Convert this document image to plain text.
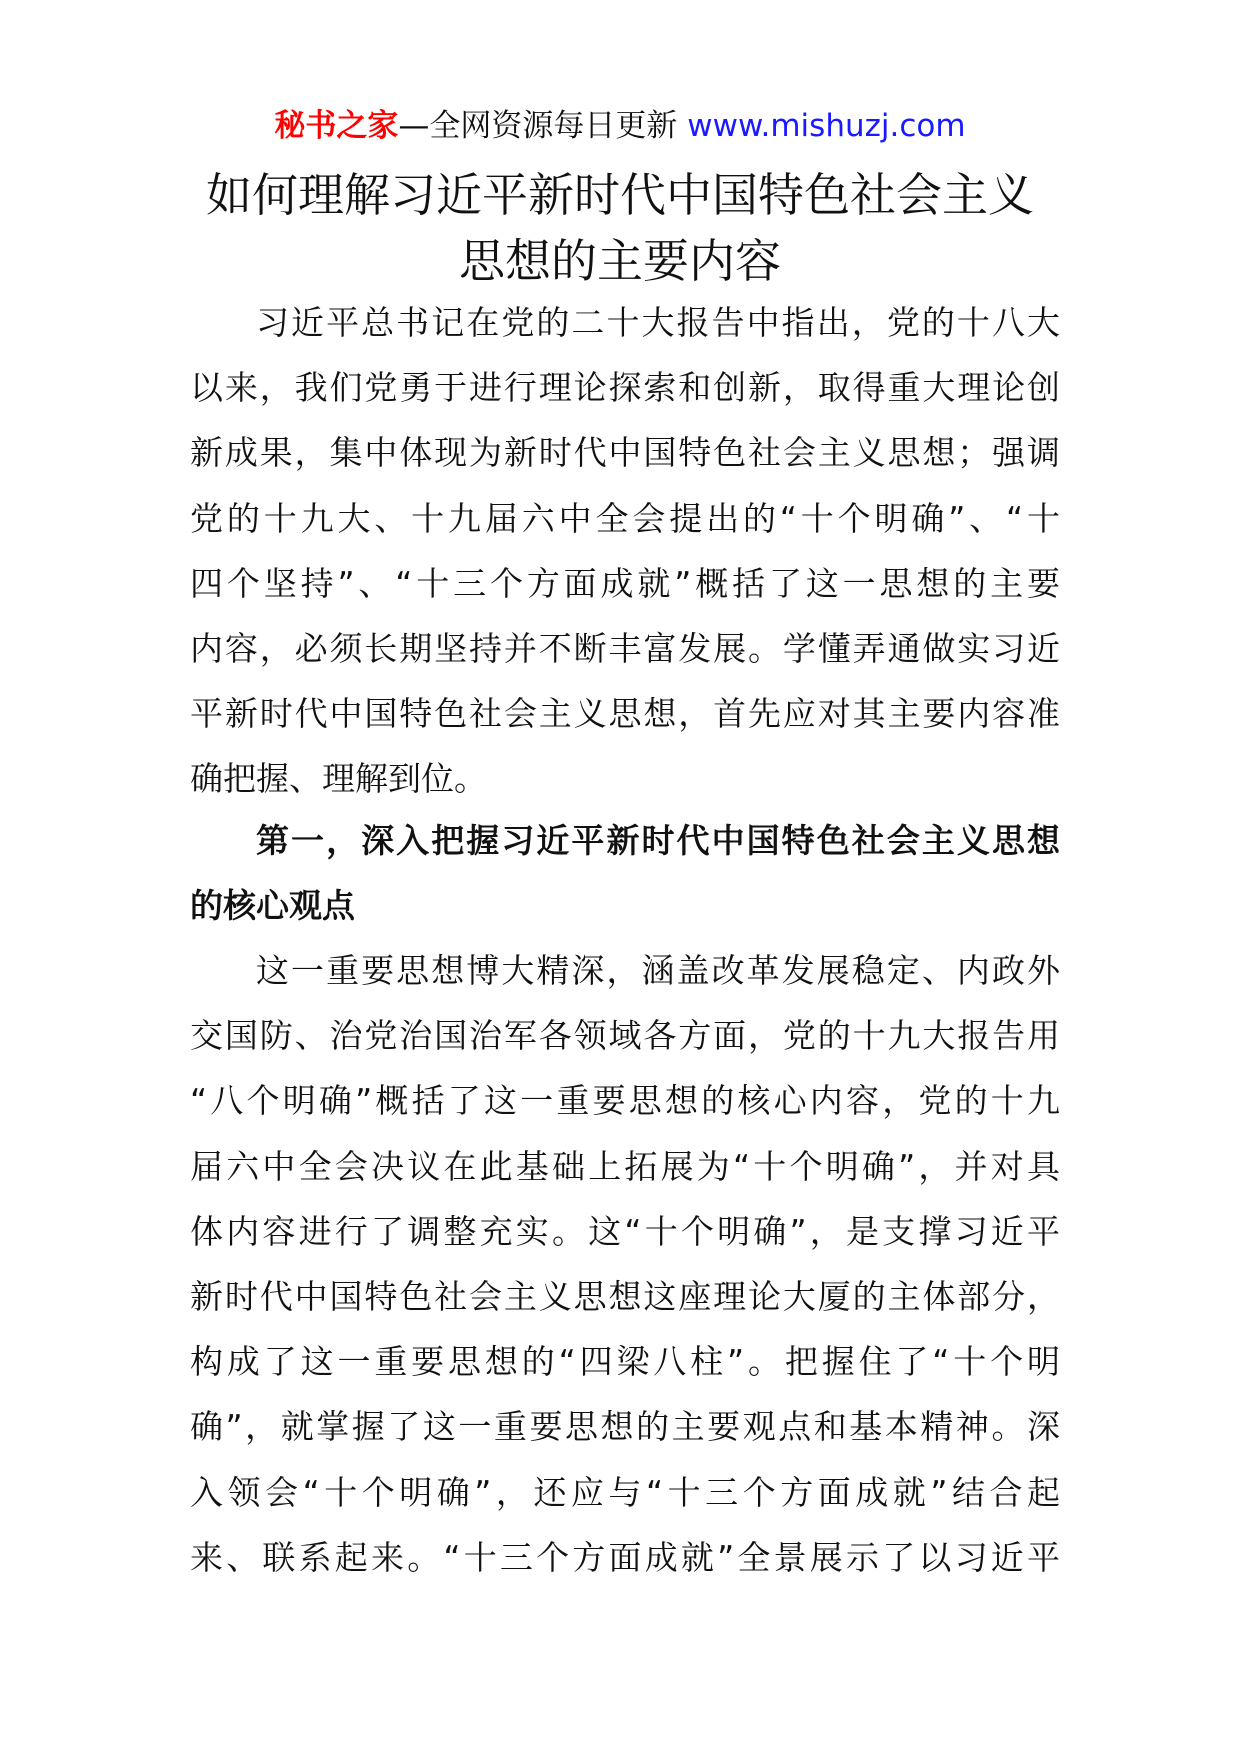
秘书之家—全网资源每日更新 www.mishuzj.com
如何理解习近平新时代中国特色社会主义
思想的主要内容
习近平总书记在党的二十大报告中指出，党的十八大
以来，我们党勇于进行理论探索和创新，取得重大理论创
新成果，集中体现为新时代中国特色社会主义思想；强调
党的十九大、十九届六中全会提出的“十个明确”、“十
四个坚持”、“十三个方面成就”概括了这一思想的主要
内容，必须长期坚持并不断丰富发展。学懂弄通做实习近
平新时代中国特色社会主义思想，首先应对其主要内容准
确把握、理解到位。
第一，深入把握习近平新时代中国特色社会主义思想
的核心观点
这一重要思想博大精深，涵盖改革发展稳定、内政外
交国防、治党治国治军各领域各方面，党的十九大报告用
“八个明确”概括了这一重要思想的核心内容，党的十九
届六中全会决议在此基础上拓展为“十个明确”，并对具
体内容进行了调整充实。这“十个明确”，是支撑习近平
新时代中国特色社会主义思想这座理论大厦的主体部分，
构成了这一重要思想的“四梁八柱”。把握住了“十个明
确”，就掌握了这一重要思想的主要观点和基本精神。深
入领会“十个明确”，还应与“十三个方面成就”结合起
来、联系起来。“十三个方面成就”全景展示了以习近平
